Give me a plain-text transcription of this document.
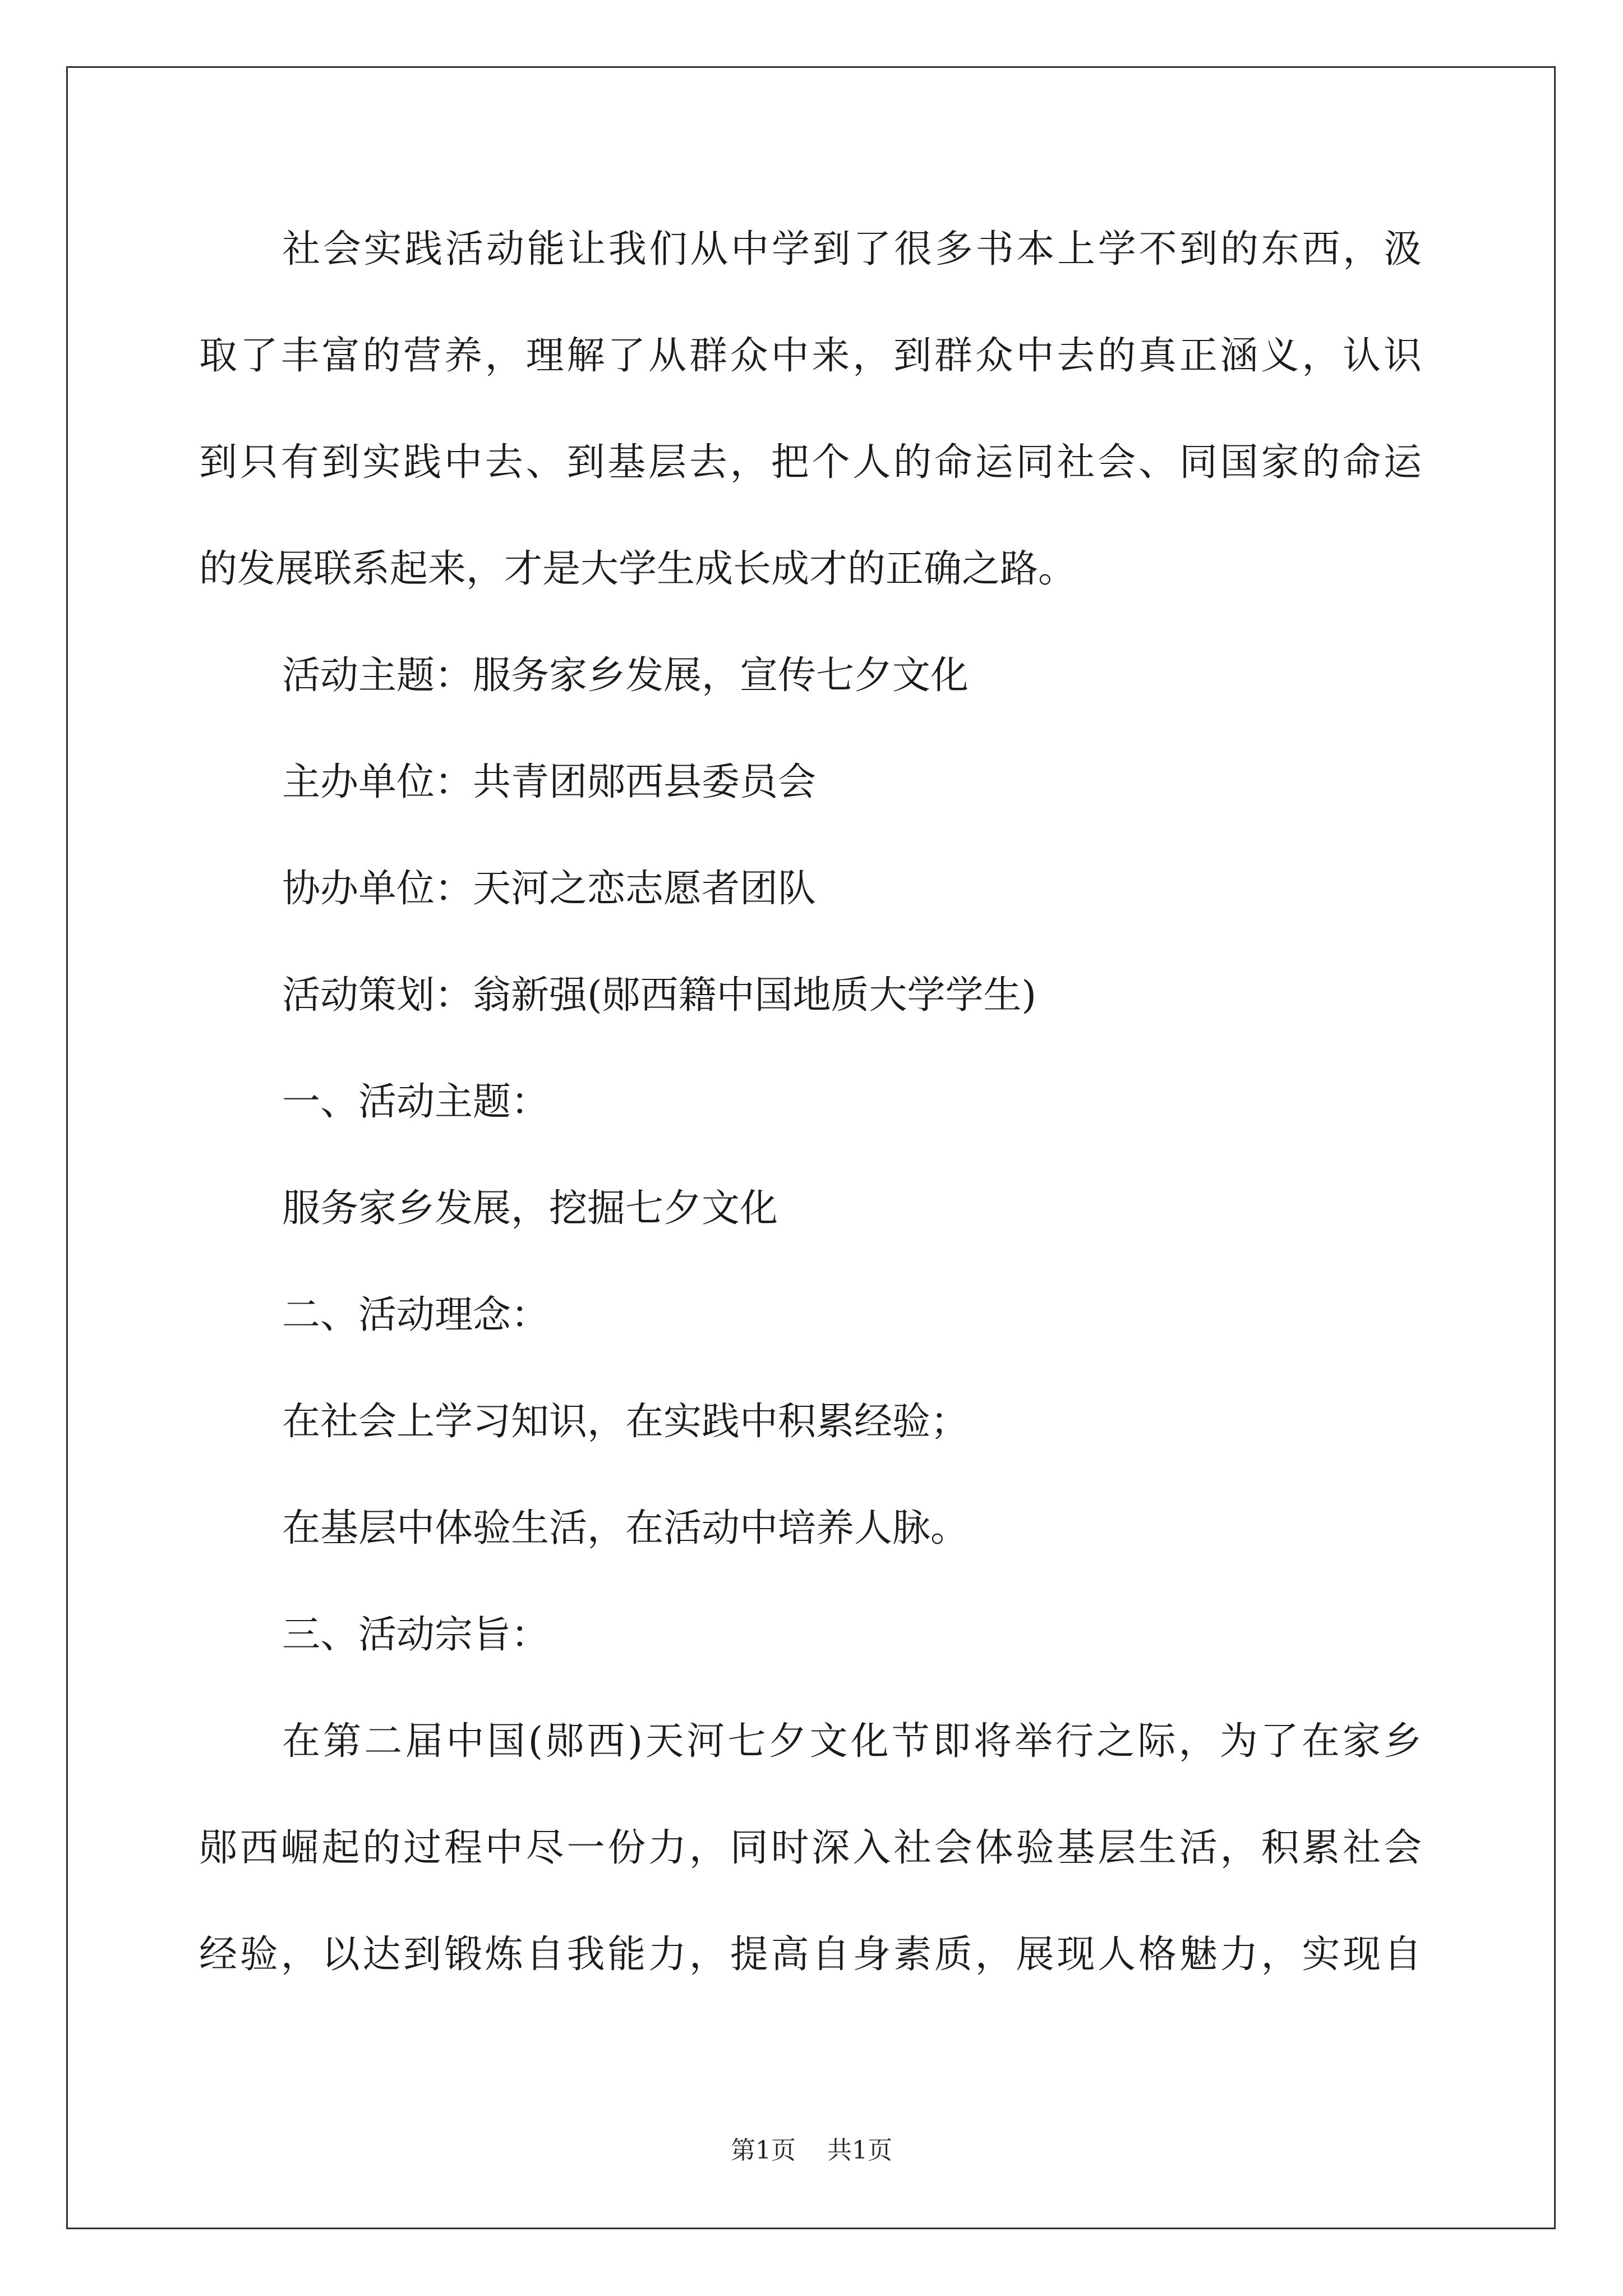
社会实践活动能让我们从中学到了很多书本上学不到的东西，汲
取了丰富的营养，理解了从群众中来，到群众中去的真正涵义，认识
到只有到实践中去、到基层去，把个人的命运同社会、同国家的命运
的发展联系起来，才是大学生成长成才的正确之路。
活动主题：服务家乡发展，宣传七夕文化
主办单位：共青团郧西县委员会
协办单位：天河之恋志愿者团队
活动策划：翁新强(郧西籍中国地质大学学生)
一、活动主题：
服务家乡发展，挖掘七夕文化
二、活动理念：
在社会上学习知识，在实践中积累经验；
在基层中体验生活，在活动中培养人脉。
三、活动宗旨：
在第二届中国(郧西)天河七夕文化节即将举行之际，为了在家乡
郧西崛起的过程中尽一份力，同时深入社会体验基层生活，积累社会
经验，以达到锻炼自我能力，提高自身素质，展现人格魅力，实现自
第1页    共1页
